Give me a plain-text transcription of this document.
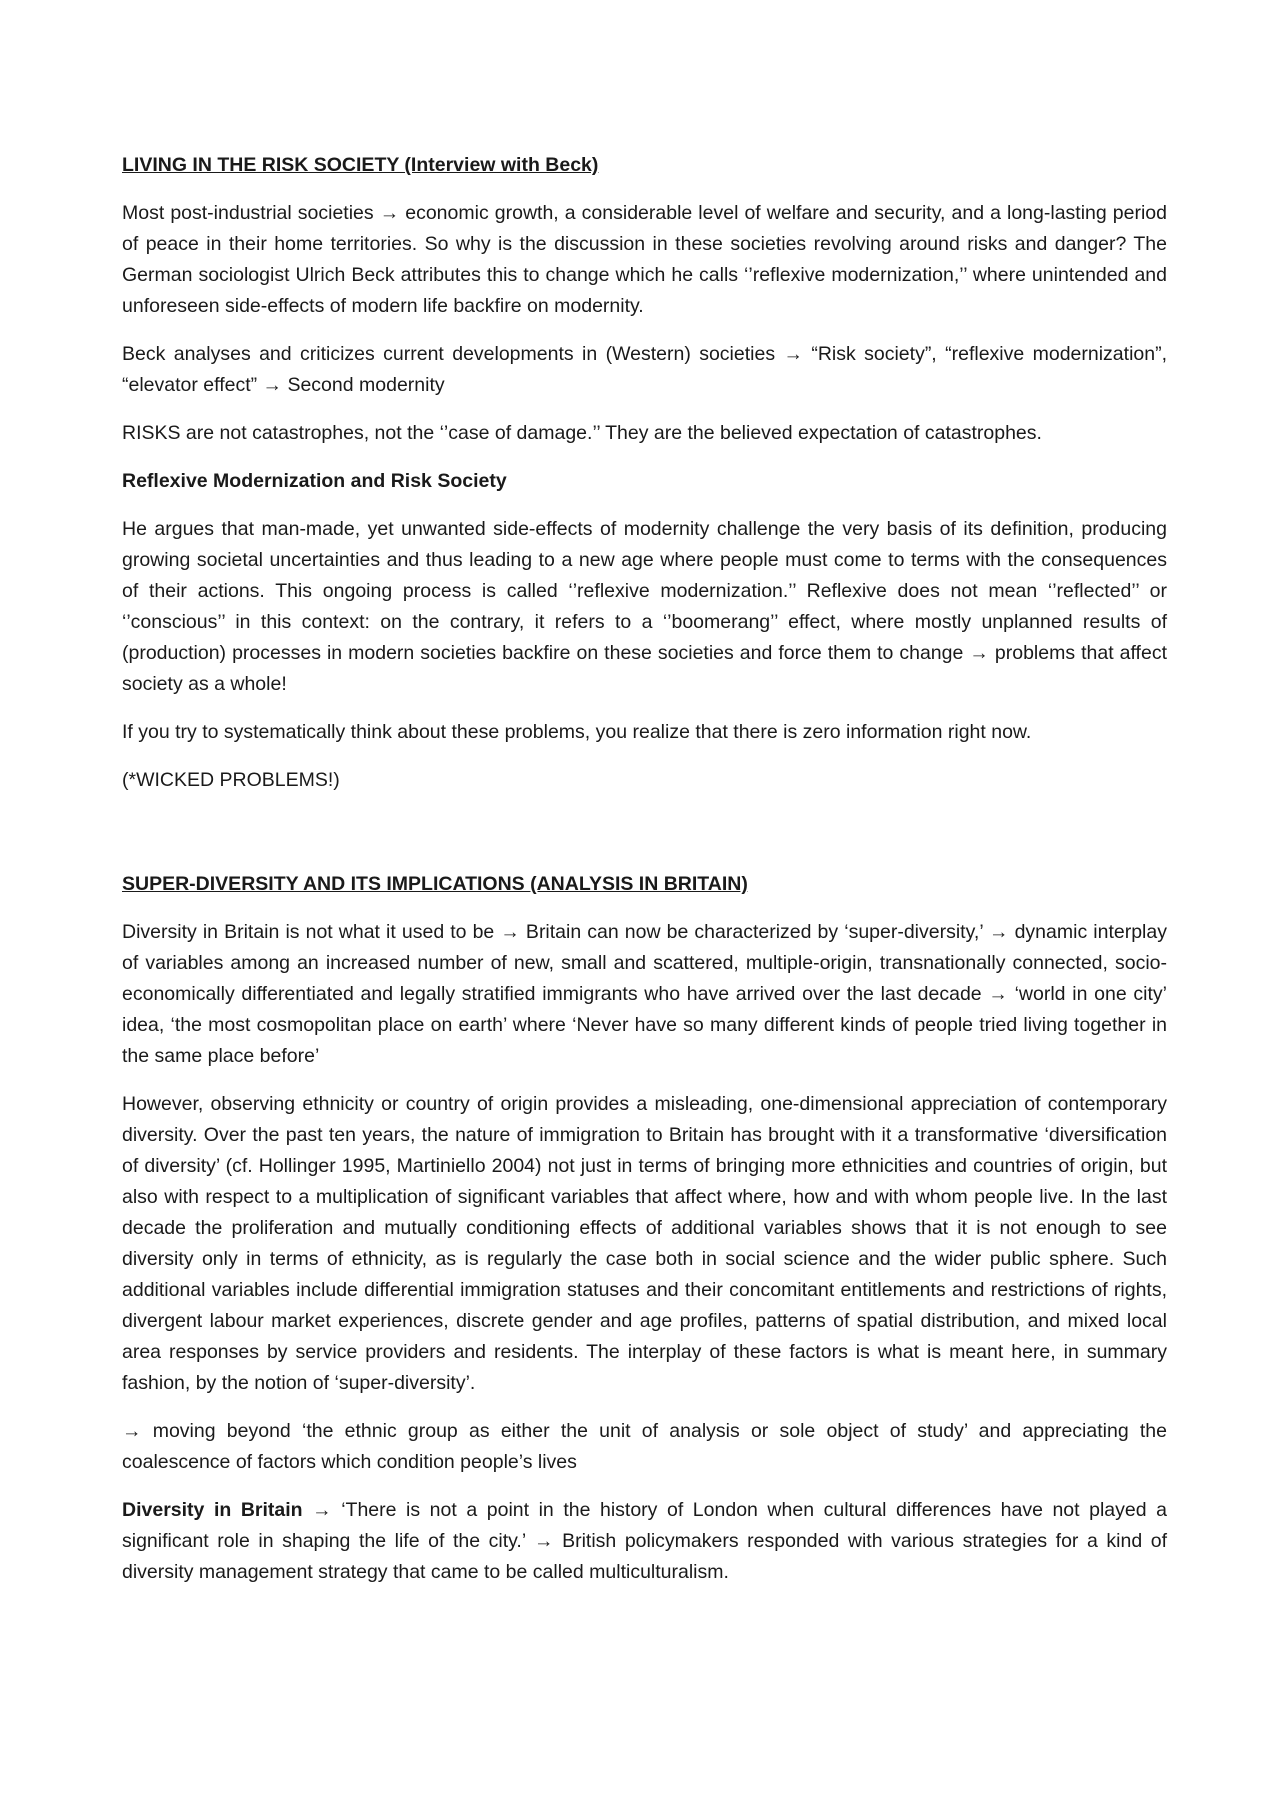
LIVING IN THE RISK SOCIETY (Interview with Beck)

Most post-industrial societies → economic growth, a considerable level of welfare and security, and a long-lasting period of peace in their home territories. So why is the discussion in these societies revolving around risks and danger? The German sociologist Ulrich Beck attributes this to change which he calls ‘’reflexive modernization,’’ where unintended and unforeseen side-effects of modern life backfire on modernity.

Beck analyses and criticizes current developments in (Western) societies → “Risk society”, “reflexive modernization”, “elevator effect” → Second modernity

RISKS are not catastrophes, not the ‘’case of damage.’’ They are the believed expectation of catastrophes.

Reflexive Modernization and Risk Society

He argues that man-made, yet unwanted side-effects of modernity challenge the very basis of its definition, producing growing societal uncertainties and thus leading to a new age where people must come to terms with the consequences of their actions. This ongoing process is called ‘’reflexive modernization.’’ Reflexive does not mean ‘’reflected’’ or ‘’conscious’’ in this context: on the contrary, it refers to a ‘’boomerang’’ effect, where mostly unplanned results of (production) processes in modern societies backfire on these societies and force them to change → problems that affect society as a whole!

If you try to systematically think about these problems, you realize that there is zero information right now.

(*WICKED PROBLEMS!)

SUPER-DIVERSITY AND ITS IMPLICATIONS (ANALYSIS IN BRITAIN)

Diversity in Britain is not what it used to be → Britain can now be characterized by ‘super-diversity,’ → dynamic interplay of variables among an increased number of new, small and scattered, multiple-origin, transnationally connected, socio-economically differentiated and legally stratified immigrants who have arrived over the last decade → ‘world in one city’ idea, ‘the most cosmopolitan place on earth’ where ‘Never have so many different kinds of people tried living together in the same place before’

However, observing ethnicity or country of origin provides a misleading, one-dimensional appreciation of contemporary diversity. Over the past ten years, the nature of immigration to Britain has brought with it a transformative ‘diversification of diversity’ (cf. Hollinger 1995, Martiniello 2004) not just in terms of bringing more ethnicities and countries of origin, but also with respect to a multiplication of significant variables that affect where, how and with whom people live. In the last decade the proliferation and mutually conditioning effects of additional variables shows that it is not enough to see diversity only in terms of ethnicity, as is regularly the case both in social science and the wider public sphere. Such additional variables include differential immigration statuses and their concomitant entitlements and restrictions of rights, divergent labour market experiences, discrete gender and age profiles, patterns of spatial distribution, and mixed local area responses by service providers and residents. The interplay of these factors is what is meant here, in summary fashion, by the notion of ‘super-diversity’.

→ moving beyond ‘the ethnic group as either the unit of analysis or sole object of study’ and appreciating the coalescence of factors which condition people’s lives

Diversity in Britain → ‘There is not a point in the history of London when cultural differences have not played a significant role in shaping the life of the city.’ → British policymakers responded with various strategies for a kind of diversity management strategy that came to be called multiculturalism.
